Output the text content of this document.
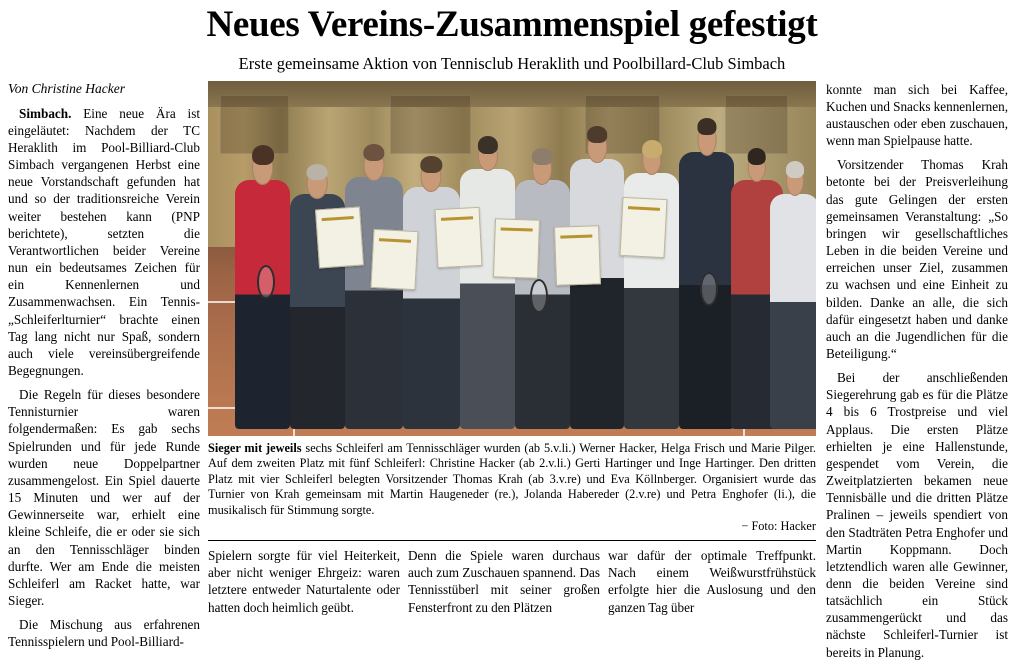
Neues Vereins-Zusammenspiel gefestigt
Erste gemeinsame Aktion von Tennisclub Heraklith und Poolbillard-Club Simbach
Von Christine Hacker

Simbach. Eine neue Ära ist eingeläutet: Nachdem der TC Heraklith im Pool-Billiard-Club Simbach vergangenen Herbst eine neue Vorstandschaft gefunden hat und so der traditionsreiche Verein weiter bestehen kann (PNP berichtete), setzten die Verantwortlichen beider Vereine nun ein bedeutsames Zeichen für ein Kennenlernen und Zusammenwachsen. Ein Tennis-„Schleiferlturnier“ brachte einen Tag lang nicht nur Spaß, sondern auch viele vereinsübergreifende Begegnungen.

Die Regeln für dieses besondere Tennisturnier waren folgendermaßen: Es gab sechs Spielrunden und für jede Runde wurden neue Doppelpartner zusammengelost. Ein Spiel dauerte 15 Minuten und wer auf der Gewinnerseite war, erhielt eine kleine Schleife, die er oder sie sich an den Tennisschläger binden durfte. Wer am Ende die meisten Schleiferl am Racket hatte, war Sieger.

Die Mischung aus erfahrenen Tennisspielern und Pool-Billiard-

Sieger mit jeweils sechs Schleiferl am Tennisschläger wurden (ab 5.v.li.) Werner Hacker, Helga Frisch und Marie Pilger. Auf dem zweiten Platz mit fünf Schleiferl: Christine Hacker (ab 2.v.li.) Gerti Hartinger und Inge Hartinger. Den dritten Platz mit vier Schleiferl belegten Vorsitzender Thomas Krah (ab 3.v.re) und Eva Köllnberger. Organisiert wurde das Turnier von Krah gemeinsam mit Martin Haugeneder (re.), Jolanda Habereder (2.v.re) und Petra Enghofer (li.), die musikalisch für Stimmung sorgte.
− Foto: Hacker

Spielern sorgte für viel Heiterkeit, aber nicht weniger Ehrgeiz: waren letztere entweder Naturtalente oder hatten doch heimlich geübt.

Denn die Spiele waren durchaus auch zum Zuschauen spannend. Das Tennisstüberl mit seiner großen Fensterfront zu den Plätzen

war dafür der optimale Treffpunkt. Nach einem Weißwurstfrühstück erfolgte hier die Auslosung und den ganzen Tag über

konnte man sich bei Kaffee, Kuchen und Snacks kennenlernen, austauschen oder eben zuschauen, wenn man Spielpause hatte.

Vorsitzender Thomas Krah betonte bei der Preisverleihung das gute Gelingen der ersten gemeinsamen Veranstaltung: „So bringen wir gesellschaftliches Leben in die beiden Vereine und erreichen unser Ziel, zusammen zu wachsen und eine Einheit zu bilden. Danke an alle, die sich dafür eingesetzt haben und danke auch an die Jugendlichen für die Beteiligung.“

Bei der anschließenden Siegerehrung gab es für die Plätze 4 bis 6 Trostpreise und viel Applaus. Die ersten Plätze erhielten je eine Hallenstunde, gespendet vom Verein, die Zweitplatzierten bekamen neue Tennisbälle und die dritten Plätze Pralinen – jeweils spendiert von den Stadträten Petra Enghofer und Martin Koppmann. Doch letztendlich waren alle Gewinner, denn die beiden Vereine sind tatsächlich ein Stück zusammengerückt und das nächste Schleiferl-Turnier ist bereits in Planung.
